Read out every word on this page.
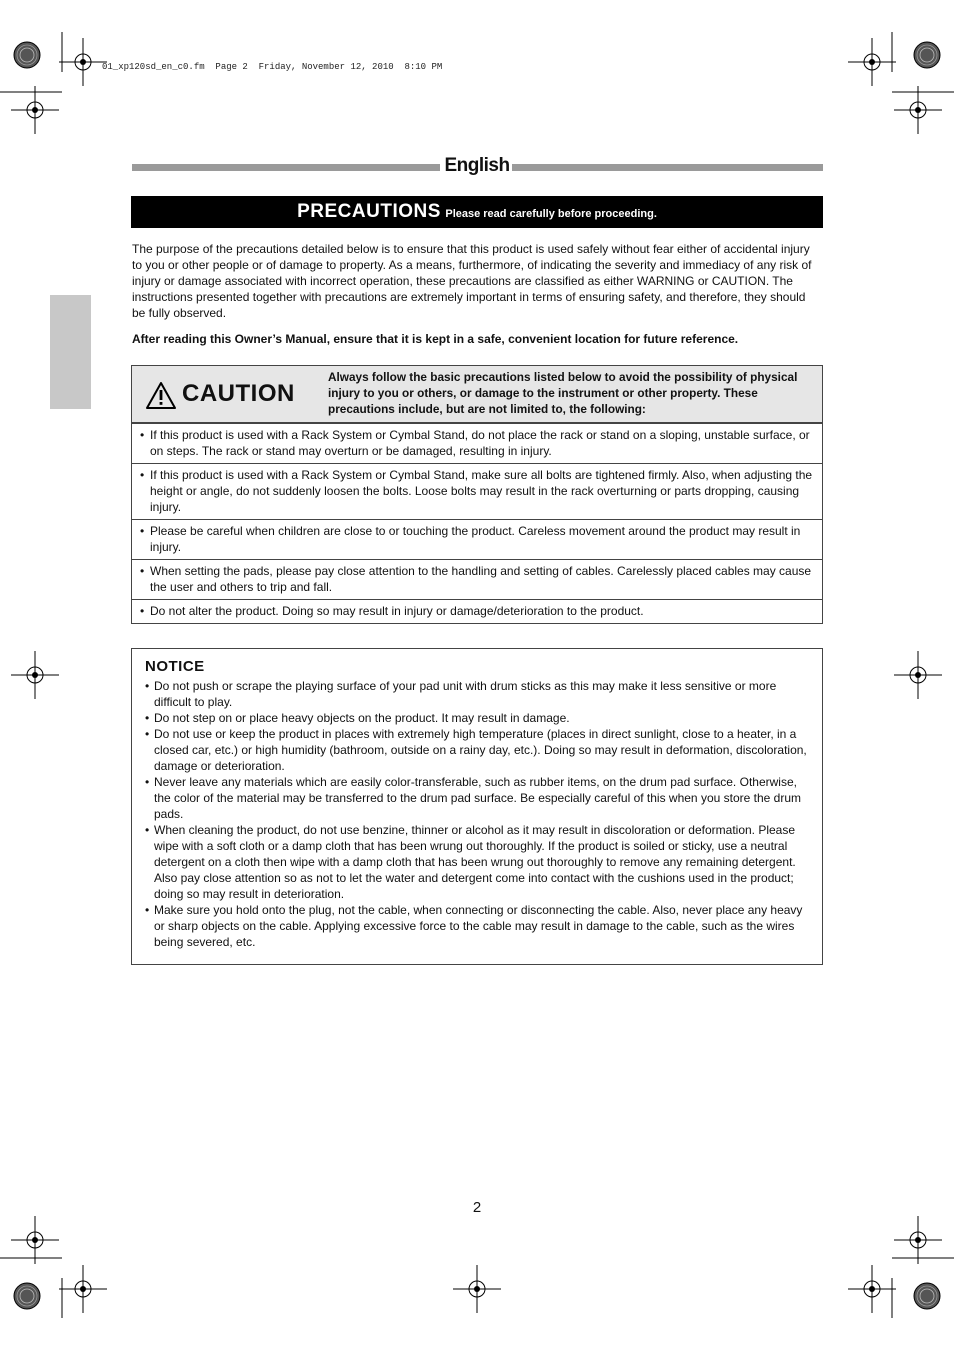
01_xp120sd_en_c0.fm  Page 2  Friday, November 12, 2010  8:10 PM
English
PRECAUTIONS Please read carefully before proceeding.
The purpose of the precautions detailed below is to ensure that this product is used safely without fear either of accidental injury to you or other people or of damage to property. As a means, furthermore, of indicating the severity and immediacy of any risk of injury or damage associated with incorrect operation, these precautions are classified as either WARNING or CAUTION. The instructions presented together with precautions are extremely important in terms of ensuring safety, and therefore, they should be fully observed.
After reading this Owner’s Manual, ensure that it is kept in a safe, convenient location for future reference.
CAUTION
Always follow the basic precautions listed below to avoid the possibility of physical injury to you or others, or damage to the instrument or other property. These precautions include, but are not limited to, the following:
• If this product is used with a Rack System or Cymbal Stand, do not place the rack or stand on a sloping, unstable surface, or on steps. The rack or stand may overturn or be damaged, resulting in injury.
• If this product is used with a Rack System or Cymbal Stand, make sure all bolts are tightened firmly. Also, when adjusting the height or angle, do not suddenly loosen the bolts. Loose bolts may result in the rack overturning or parts dropping, causing injury.
• Please be careful when children are close to or touching the product. Careless movement around the product may result in injury.
• When setting the pads, please pay close attention to the handling and setting of cables. Carelessly placed cables may cause the user and others to trip and fall.
• Do not alter the product. Doing so may result in injury or damage/deterioration to the product.
NOTICE
• Do not push or scrape the playing surface of your pad unit with drum sticks as this may make it less sensitive or more difficult to play.
• Do not step on or place heavy objects on the product. It may result in damage.
• Do not use or keep the product in places with extremely high temperature (places in direct sunlight, close to a heater, in a closed car, etc.) or high humidity (bathroom, outside on a rainy day, etc.). Doing so may result in deformation, discoloration, damage or deterioration.
• Never leave any materials which are easily color-transferable, such as rubber items, on the drum pad surface. Otherwise, the color of the material may be transferred to the drum pad surface. Be especially careful of this when you store the drum pads.
• When cleaning the product, do not use benzine, thinner or alcohol as it may result in discoloration or deformation. Please wipe with a soft cloth or a damp cloth that has been wrung out thoroughly. If the product is soiled or sticky, use a neutral detergent on a cloth then wipe with a damp cloth that has been wrung out thoroughly to remove any remaining detergent. Also pay close attention so as not to let the water and detergent come into contact with the cushions used in the product; doing so may result in deterioration.
• Make sure you hold onto the plug, not the cable, when connecting or disconnecting the cable. Also, never place any heavy or sharp objects on the cable. Applying excessive force to the cable may result in damage to the cable, such as the wires being severed, etc.
2
